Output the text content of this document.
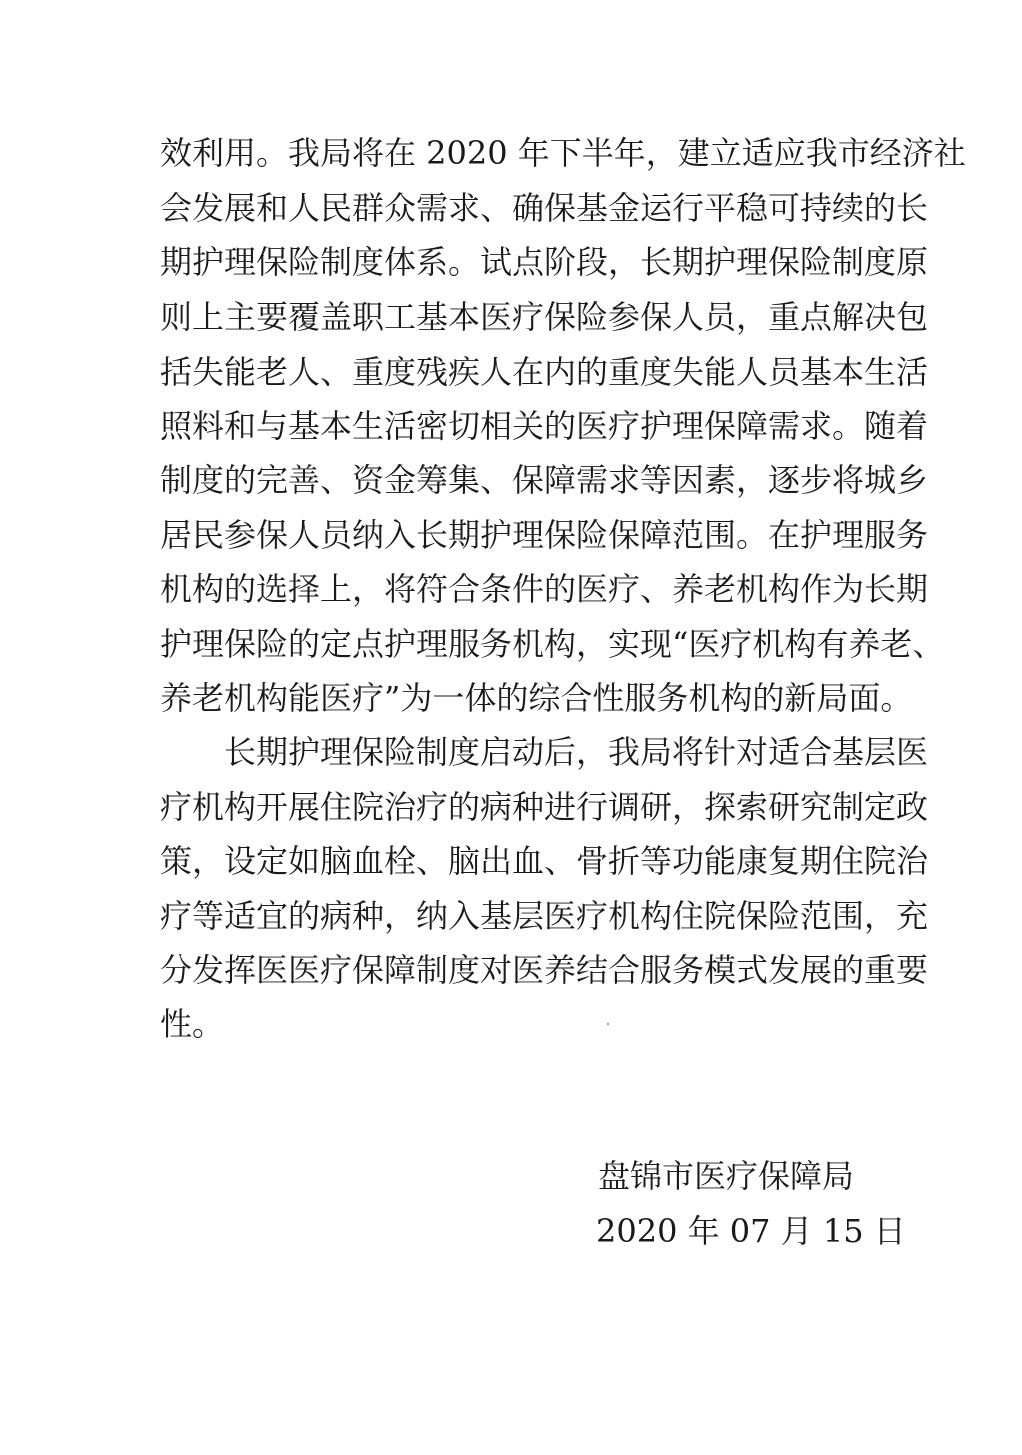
效利用。我局将在 2020 年下半年，建立适应我市经济社
会发展和人民群众需求、确保基金运行平稳可持续的长
期护理保险制度体系。试点阶段，长期护理保险制度原
则上主要覆盖职工基本医疗保险参保人员，重点解决包
括失能老人、重度残疾人在内的重度失能人员基本生活
照料和与基本生活密切相关的医疗护理保障需求。随着
制度的完善、资金筹集、保障需求等因素，逐步将城乡
居民参保人员纳入长期护理保险保障范围。在护理服务
机构的选择上，将符合条件的医疗、养老机构作为长期
护理保险的定点护理服务机构，实现“医疗机构有养老、
养老机构能医疗”为一体的综合性服务机构的新局面。
长期护理保险制度启动后，我局将针对适合基层医
疗机构开展住院治疗的病种进行调研，探索研究制定政
策，设定如脑血栓、脑出血、骨折等功能康复期住院治
疗等适宜的病种，纳入基层医疗机构住院保险范围，充
分发挥医医疗保障制度对医养结合服务模式发展的重要
性。
盘锦市医疗保障局
2020 年 07 月 15 日
